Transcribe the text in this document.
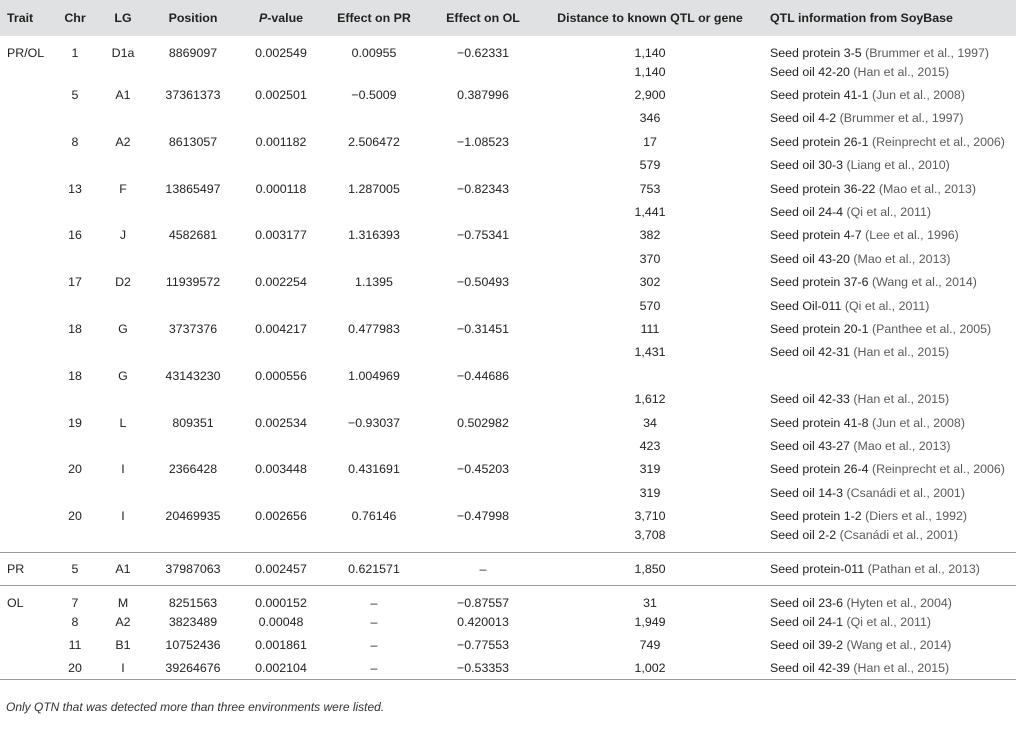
Trait	Chr	LG	Position	P-value	Effect on PR	Effect on OL	Distance to known QTL or gene	QTL information from SoyBase
PR/OL	1	D1a	8869097	0.002549	0.00955	−0.62331	1,140	Seed protein 3-5 (Brummer et al., 1997)
							1,140	Seed oil 42-20 (Han et al., 2015)
	5	A1	37361373	0.002501	−0.5009	0.387996	2,900	Seed protein 41-1 (Jun et al., 2008)
							346	Seed oil 4-2 (Brummer et al., 1997)
	8	A2	8613057	0.001182	2.506472	−1.08523	17	Seed protein 26-1 (Reinprecht et al., 2006)
							579	Seed oil 30-3 (Liang et al., 2010)
	13	F	13865497	0.000118	1.287005	−0.82343	753	Seed protein 36-22 (Mao et al., 2013)
							1,441	Seed oil 24-4 (Qi et al., 2011)
	16	J	4582681	0.003177	1.316393	−0.75341	382	Seed protein 4-7 (Lee et al., 1996)
							370	Seed oil 43-20 (Mao et al., 2013)
	17	D2	11939572	0.002254	1.1395	−0.50493	302	Seed protein 37-6 (Wang et al., 2014)
							570	Seed Oil-011 (Qi et al., 2011)
	18	G	3737376	0.004217	0.477983	−0.31451	111	Seed protein 20-1 (Panthee et al., 2005)
							1,431	Seed oil 42-31 (Han et al., 2015)
	18	G	43143230	0.000556	1.004969	−0.44686		
							1,612	Seed oil 42-33 (Han et al., 2015)
	19	L	809351	0.002534	−0.93037	0.502982	34	Seed protein 41-8 (Jun et al., 2008)
							423	Seed oil 43-27 (Mao et al., 2013)
	20	I	2366428	0.003448	0.431691	−0.45203	319	Seed protein 26-4 (Reinprecht et al., 2006)
							319	Seed oil 14-3 (Csanádi et al., 2001)
	20	I	20469935	0.002656	0.76146	−0.47998	3,710	Seed protein 1-2 (Diers et al., 1992)
							3,708	Seed oil 2-2 (Csanádi et al., 2001)
PR	5	A1	37987063	0.002457	0.621571	–	1,850	Seed protein-011 (Pathan et al., 2013)
OL	7	M	8251563	0.000152	–	−0.87557	31	Seed oil 23-6 (Hyten et al., 2004)
	8	A2	3823489	0.00048	–	0.420013	1,949	Seed oil 24-1 (Qi et al., 2011)
	11	B1	10752436	0.001861	–	−0.77553	749	Seed oil 39-2 (Wang et al., 2014)
	20	I	39264676	0.002104	–	−0.53353	1,002	Seed oil 42-39 (Han et al., 2015)
Only QTN that was detected more than three environments were listed.
